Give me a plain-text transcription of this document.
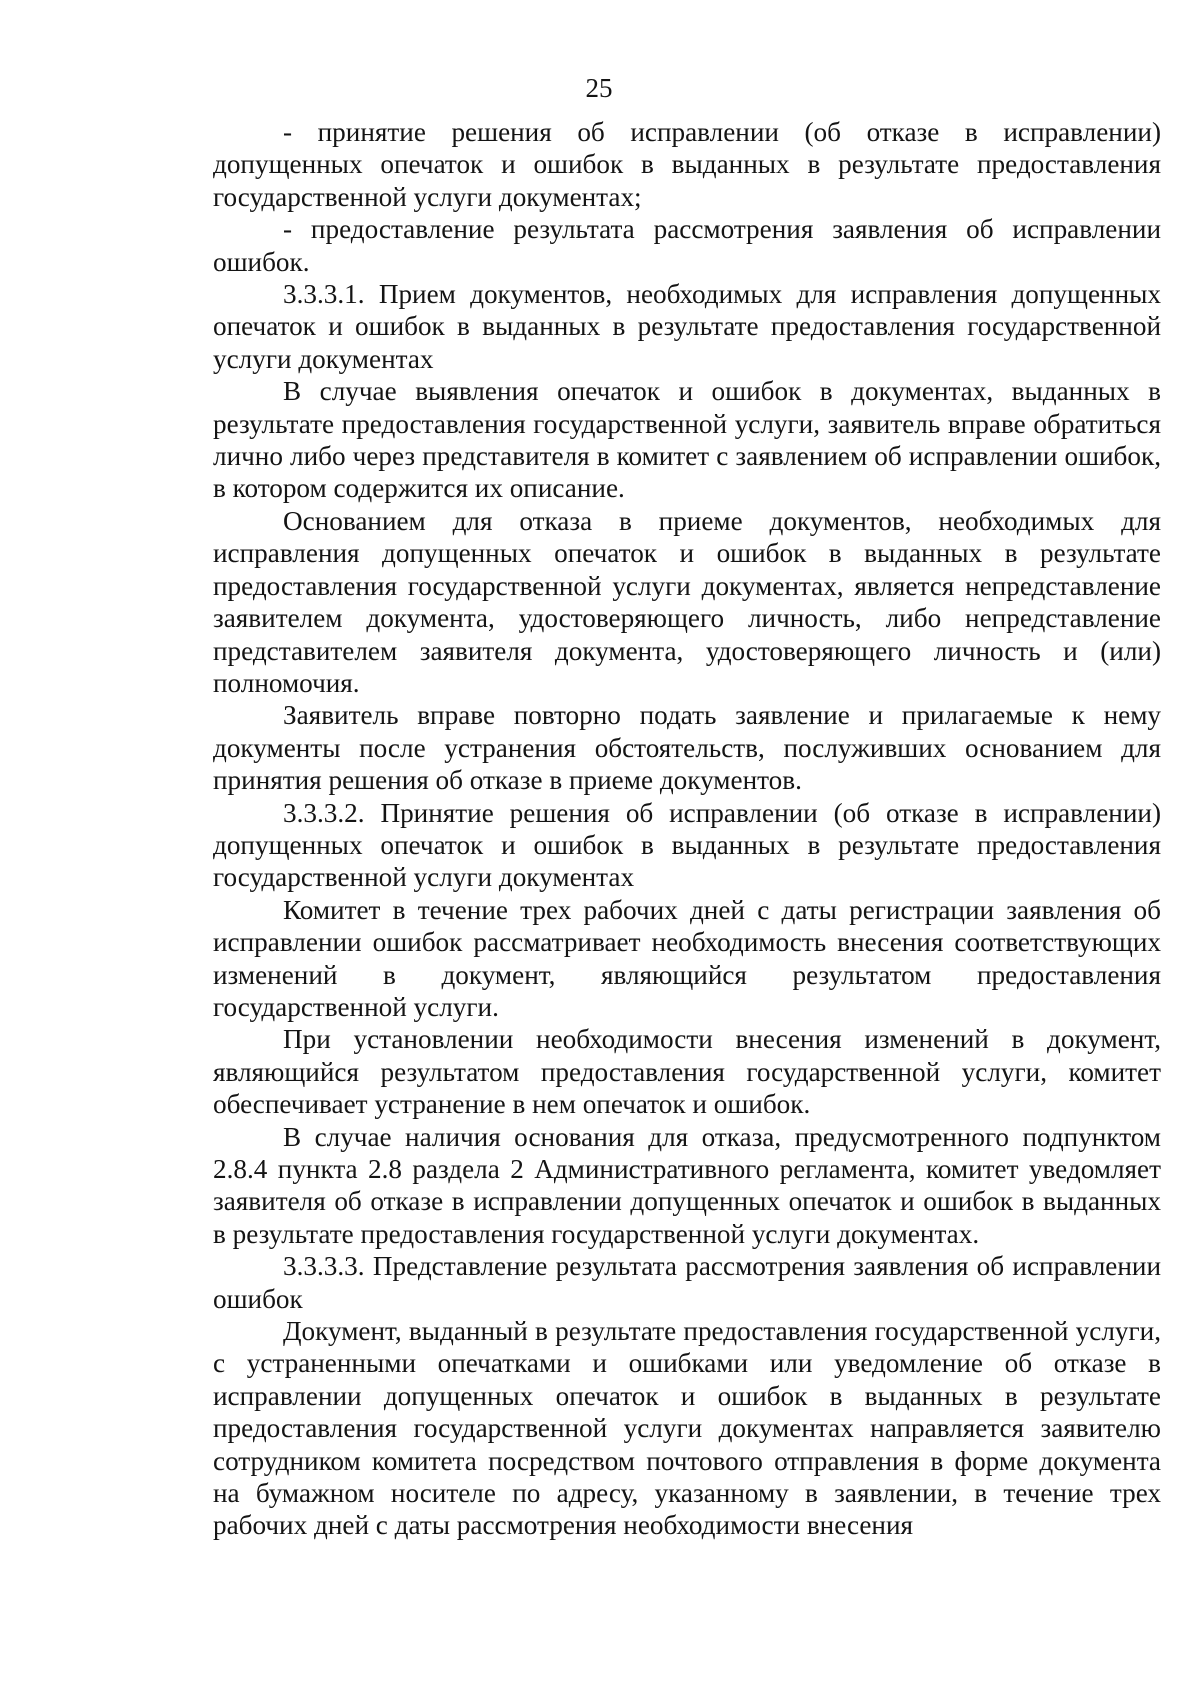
25

- принятие решения об исправлении (об отказе в исправлении) допущенных опечаток и ошибок в выданных в результате предоставления государственной услуги документах;

- предоставление результата рассмотрения заявления об исправлении ошибок.

3.3.3.1. Прием документов, необходимых для исправления допущенных опечаток и ошибок в выданных в результате предоставления государственной услуги документах

В случае выявления опечаток и ошибок в документах, выданных в результате предоставления государственной услуги, заявитель вправе обратиться лично либо через представителя в комитет с заявлением об исправлении ошибок, в котором содержится их описание.

Основанием для отказа в приеме документов, необходимых для исправления допущенных опечаток и ошибок в выданных в результате предоставления государственной услуги документах, является непредставление заявителем документа, удостоверяющего личность, либо непредставление представителем заявителя документа, удостоверяющего личность и (или) полномочия.

Заявитель вправе повторно подать заявление и прилагаемые к нему документы после устранения обстоятельств, послуживших основанием для принятия решения об отказе в приеме документов.

3.3.3.2. Принятие решения об исправлении (об отказе в исправлении) допущенных опечаток и ошибок в выданных в результате предоставления государственной услуги документах

Комитет в течение трех рабочих дней с даты регистрации заявления об исправлении ошибок рассматривает необходимость внесения соответствующих изменений в документ, являющийся результатом предоставления государственной услуги.

При установлении необходимости внесения изменений в документ, являющийся результатом предоставления государственной услуги, комитет обеспечивает устранение в нем опечаток и ошибок.

В случае наличия основания для отказа, предусмотренного подпунктом 2.8.4 пункта 2.8 раздела 2 Административного регламента, комитет уведомляет заявителя об отказе в исправлении допущенных опечаток и ошибок в выданных в результате предоставления государственной услуги документах.

3.3.3.3. Представление результата рассмотрения заявления об исправлении ошибок

Документ, выданный в результате предоставления государственной услуги, с устраненными опечатками и ошибками или уведомление об отказе в исправлении допущенных опечаток и ошибок в выданных в результате предоставления государственной услуги документах направляется заявителю сотрудником комитета посредством почтового отправления в форме документа на бумажном носителе по адресу, указанному в заявлении, в течение трех рабочих дней с даты рассмотрения необходимости внесения
